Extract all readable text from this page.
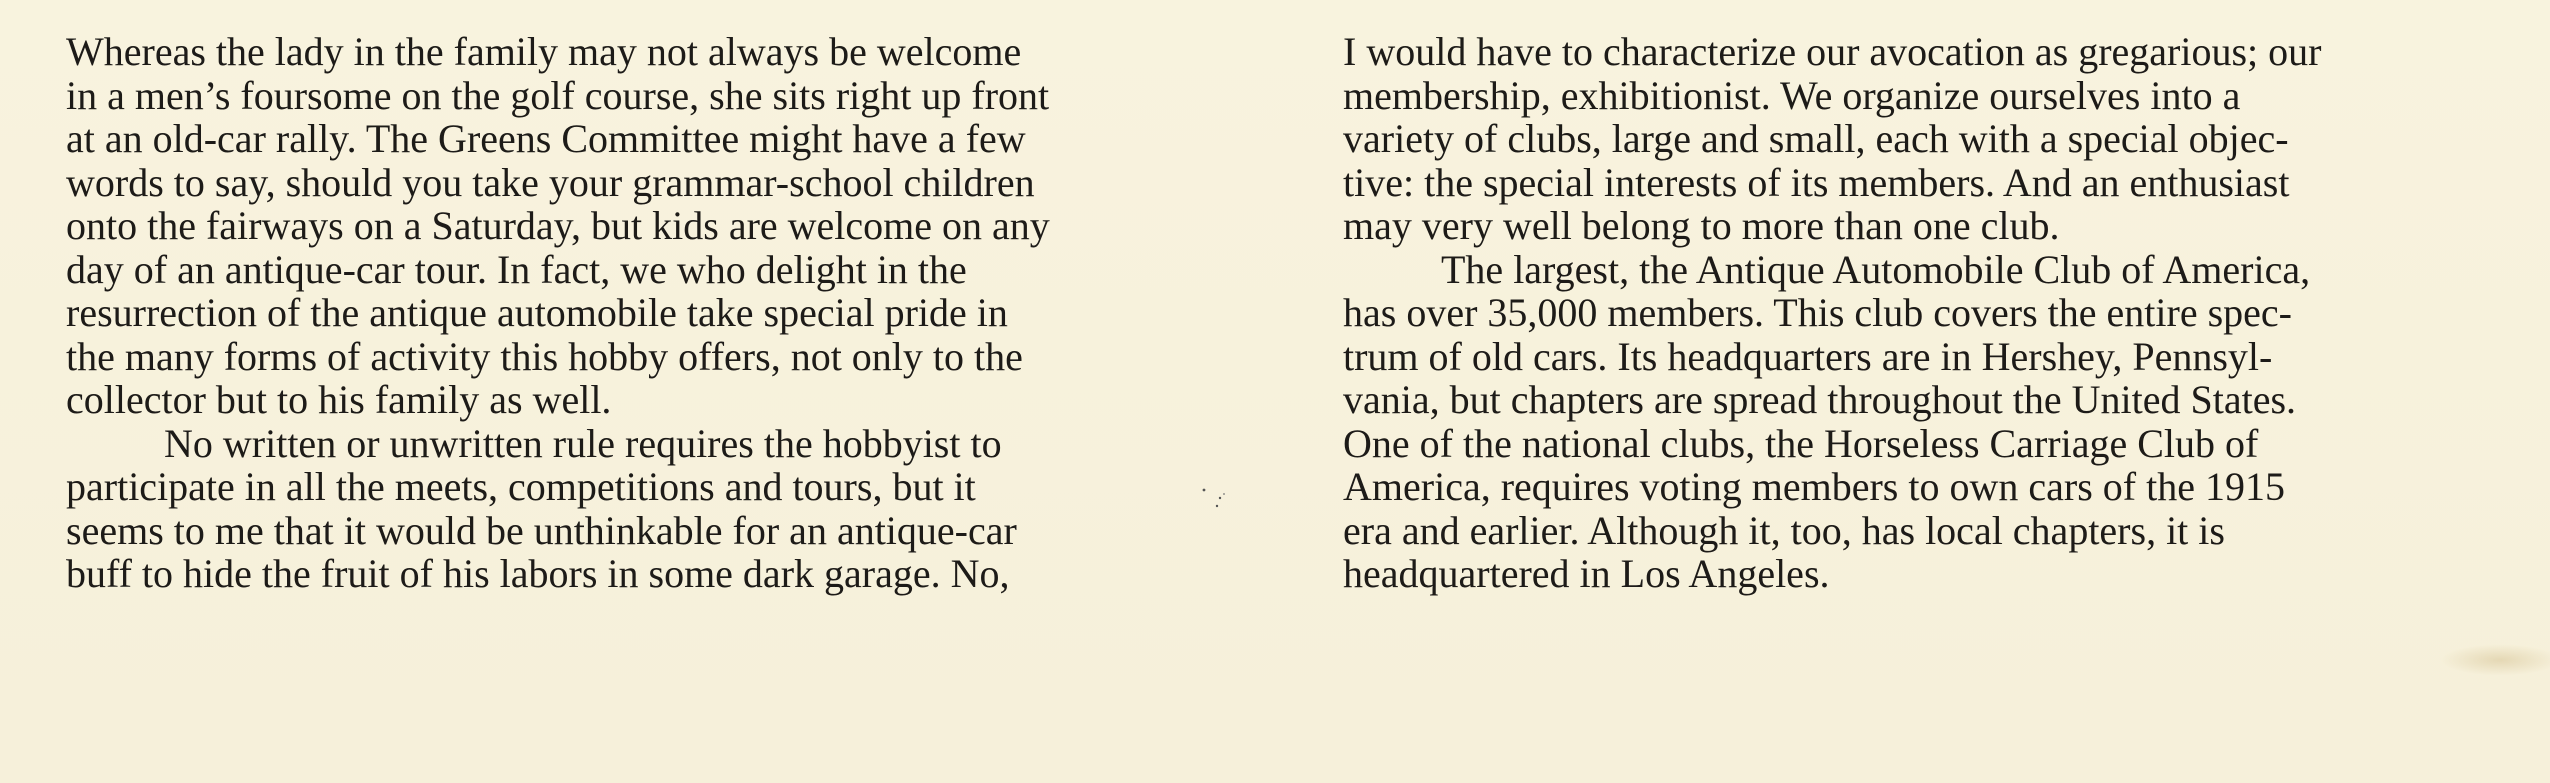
Whereas the lady in the family may not always be welcome
in a men’s foursome on the golf course, she sits right up front
at an old-car rally. The Greens Committee might have a few
words to say, should you take your grammar-school children
onto the fairways on a Saturday, but kids are welcome on any
day of an antique-car tour. In fact, we who delight in the
resurrection of the antique automobile take special pride in
the many forms of activity this hobby offers, not only to the
collector but to his family as well.
No written or unwritten rule requires the hobbyist to
participate in all the meets, competitions and tours, but it
seems to me that it would be unthinkable for an antique-car
buff to hide the fruit of his labors in some dark garage. No,
I would have to characterize our avocation as gregarious; our
membership, exhibitionist. We organize ourselves into a
variety of clubs, large and small, each with a special objec-
tive: the special interests of its members. And an enthusiast
may very well belong to more than one club.
The largest, the Antique Automobile Club of America,
has over 35,000 members. This club covers the entire spec-
trum of old cars. Its headquarters are in Hershey, Pennsyl-
vania, but chapters are spread throughout the United States.
One of the national clubs, the Horseless Carriage Club of
America, requires voting members to own cars of the 1915
era and earlier. Although it, too, has local chapters, it is
headquartered in Los Angeles.
